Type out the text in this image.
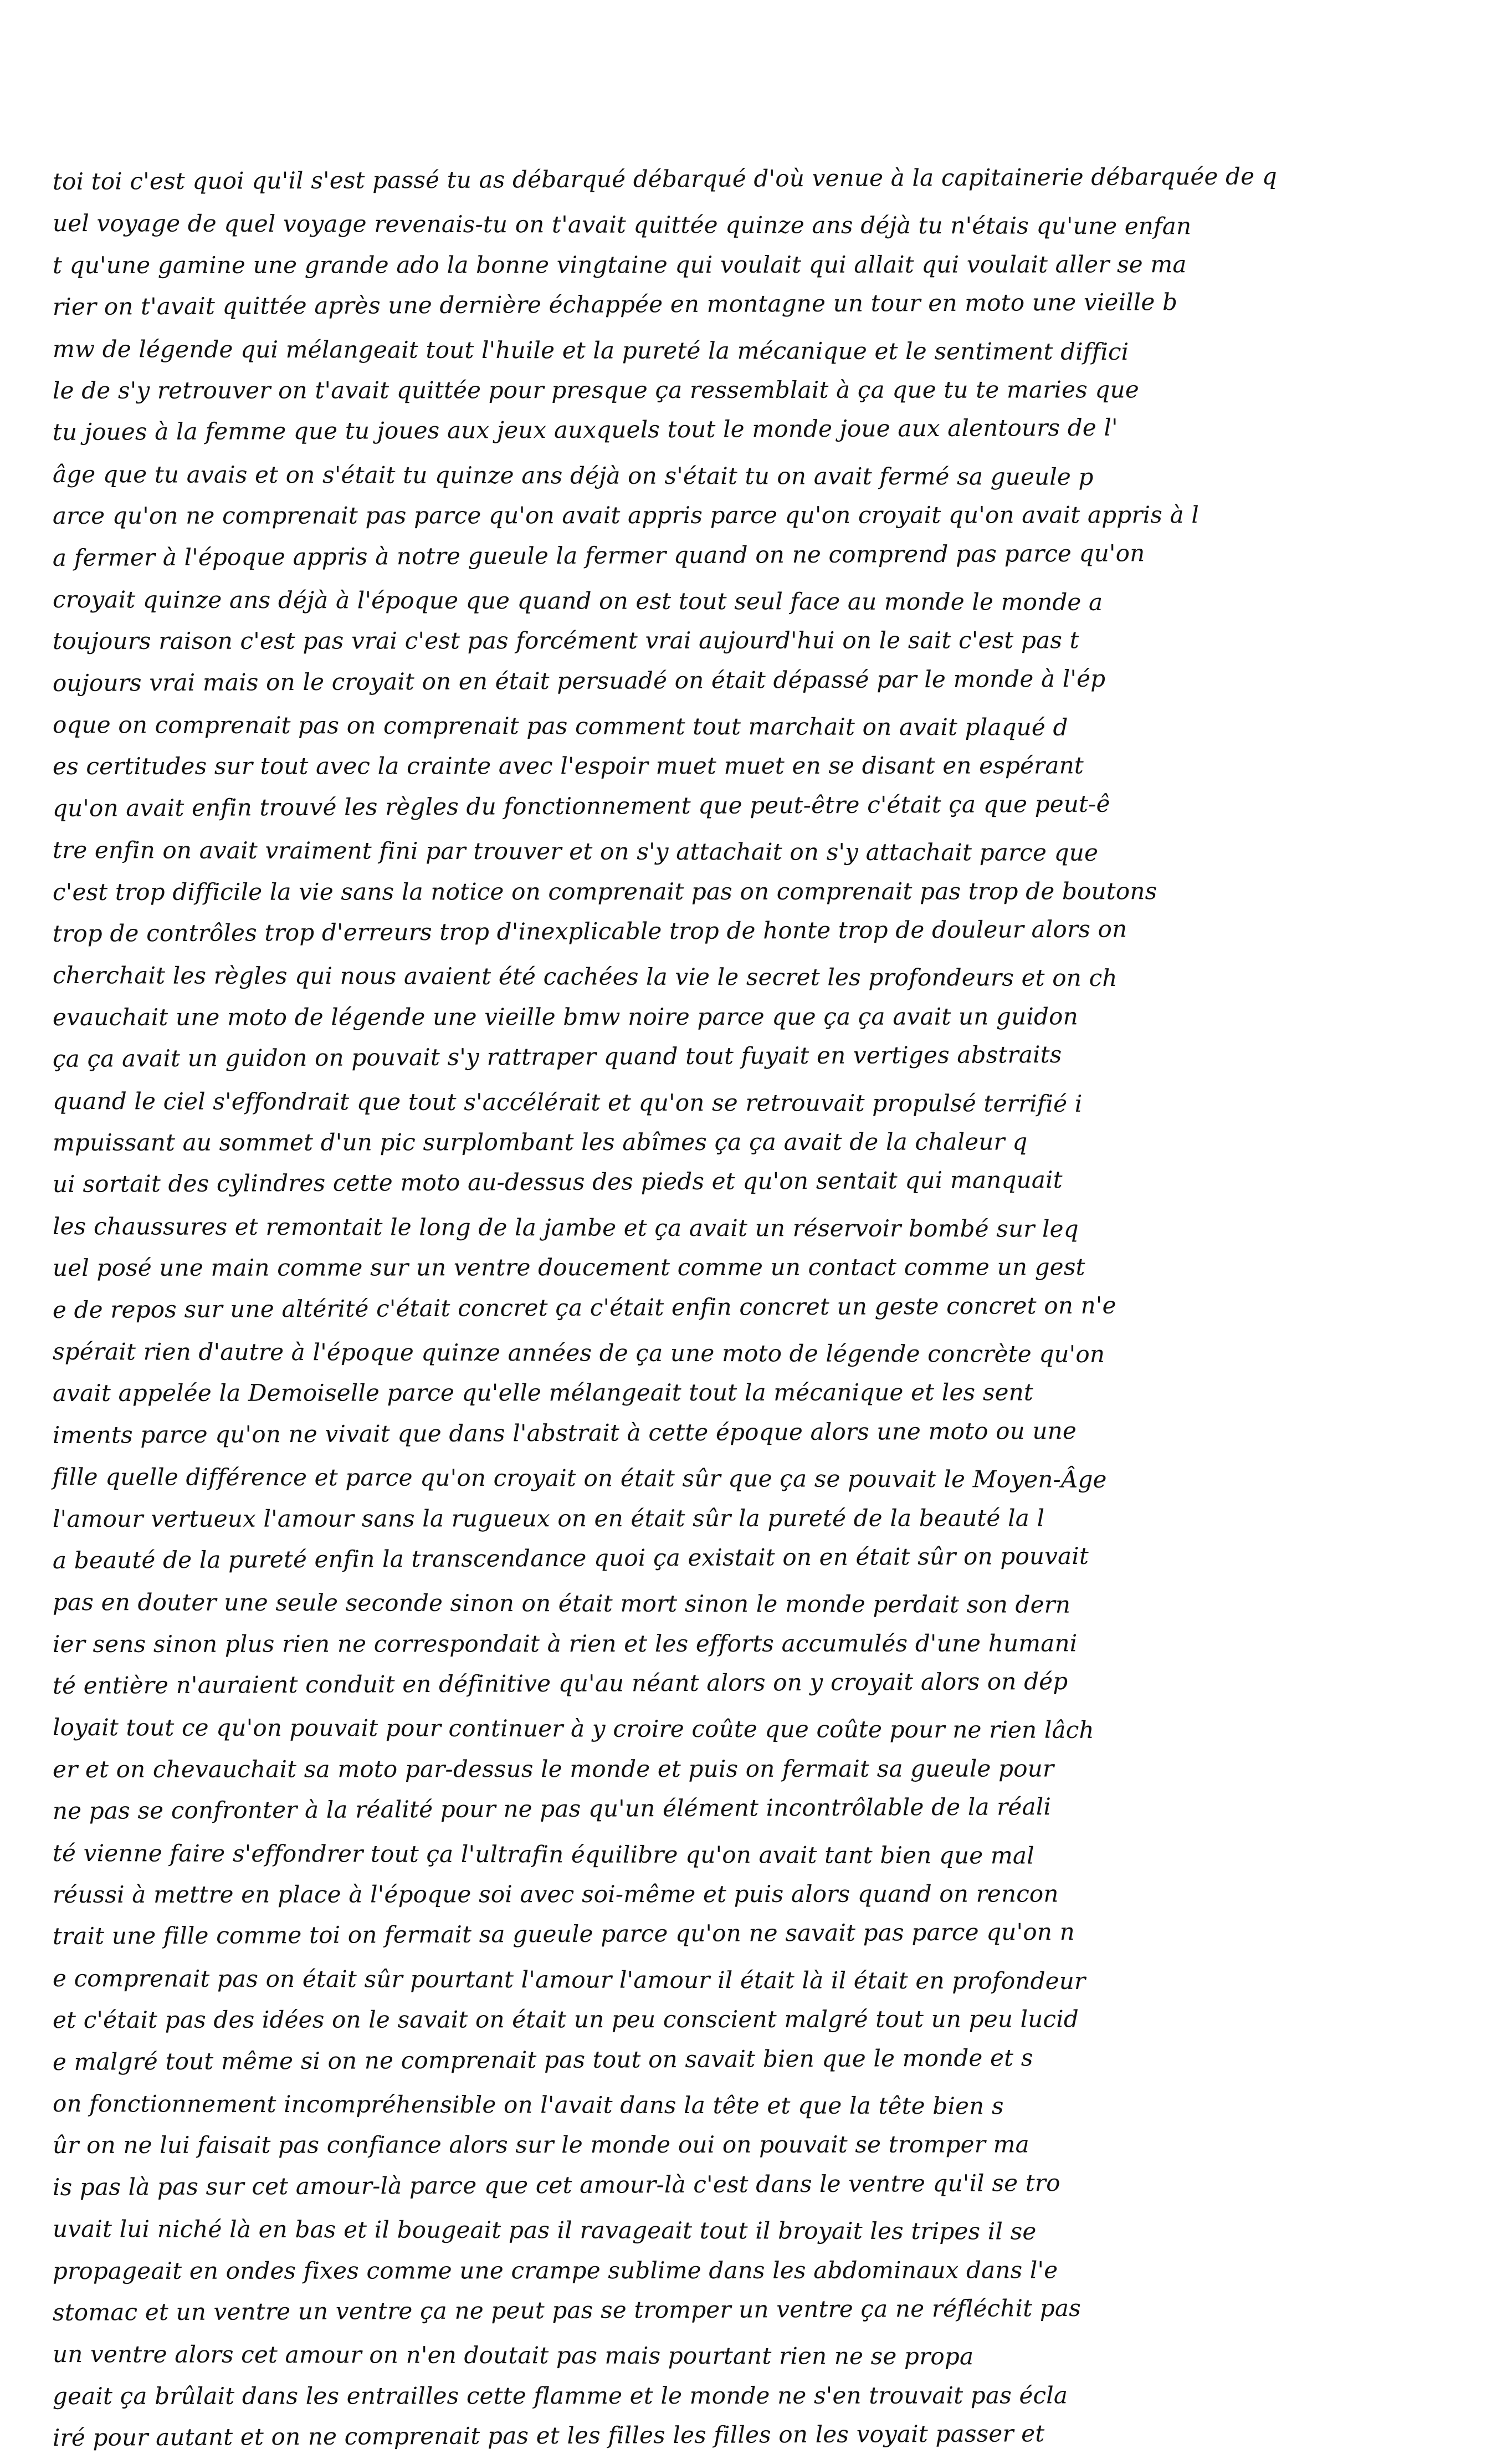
toi toi c'est quoi qu'il s'est passé tu as débarqué débarqué d'où venue à la capitainerie débarquée de q
uel voyage de quel voyage revenais-tu on t'avait quittée quinze ans déjà tu n'étais qu'une enfan
t qu'une gamine une grande ado la bonne vingtaine qui voulait qui allait qui voulait aller se ma
rier on t'avait quittée après une dernière échappée en montagne un tour en moto une vieille b
mw de légende qui mélangeait tout l'huile et la pureté la mécanique et le sentiment diffici
le de s'y retrouver on t'avait quittée pour presque ça ressemblait à ça que tu te maries que
tu joues à la femme que tu joues aux jeux auxquels tout le monde joue aux alentours de l'
âge que tu avais et on s'était tu quinze ans déjà on s'était tu on avait fermé sa gueule p
arce qu'on ne comprenait pas parce qu'on avait appris parce qu'on croyait qu'on avait appris à l
a fermer à l'époque appris à notre gueule la fermer quand on ne comprend pas parce qu'on
croyait quinze ans déjà à l'époque que quand on est tout seul face au monde le monde a
toujours raison c'est pas vrai c'est pas forcément vrai aujourd'hui on le sait c'est pas t
oujours vrai mais on le croyait on en était persuadé on était dépassé par le monde à l'ép
oque on comprenait pas on comprenait pas comment tout marchait on avait plaqué d
es certitudes sur tout avec la crainte avec l'espoir muet muet en se disant en espérant
qu'on avait enfin trouvé les règles du fonctionnement que peut-être c'était ça que peut-ê
tre enfin on avait vraiment fini par trouver et on s'y attachait on s'y attachait parce que
c'est trop difficile la vie sans la notice on comprenait pas on comprenait pas trop de boutons
trop de contrôles trop d'erreurs trop d'inexplicable trop de honte trop de douleur alors on
cherchait les règles qui nous avaient été cachées la vie le secret les profondeurs et on ch
evauchait une moto de légende une vieille bmw noire parce que ça ça avait un guidon
ça ça avait un guidon on pouvait s'y rattraper quand tout fuyait en vertiges abstraits
quand le ciel s'effondrait que tout s'accélérait et qu'on se retrouvait propulsé terrifié i
mpuissant au sommet d'un pic surplombant les abîmes ça ça avait de la chaleur q
ui sortait des cylindres cette moto au-dessus des pieds et qu'on sentait qui manquait
les chaussures et remontait le long de la jambe et ça avait un réservoir bombé sur leq
uel posé une main comme sur un ventre doucement comme un contact comme un gest
e de repos sur une altérité c'était concret ça c'était enfin concret un geste concret on n'e
spérait rien d'autre à l'époque quinze années de ça une moto de légende concrète qu'on
avait appelée la Demoiselle parce qu'elle mélangeait tout la mécanique et les sent
iments parce qu'on ne vivait que dans l'abstrait à cette époque alors une moto ou une
fille quelle différence et parce qu'on croyait on était sûr que ça se pouvait le Moyen-Âge
l'amour vertueux l'amour sans la rugueux on en était sûr la pureté de la beauté la l
a beauté de la pureté enfin la transcendance quoi ça existait on en était sûr on pouvait
pas en douter une seule seconde sinon on était mort sinon le monde perdait son dern
ier sens sinon plus rien ne correspondait à rien et les efforts accumulés d'une humani
té entière n'auraient conduit en définitive qu'au néant alors on y croyait alors on dép
loyait tout ce qu'on pouvait pour continuer à y croire coûte que coûte pour ne rien lâch
er et on chevauchait sa moto par-dessus le monde et puis on fermait sa gueule pour
ne pas se confronter à la réalité pour ne pas qu'un élément incontrôlable de la réali
té vienne faire s'effondrer tout ça l'ultrafin équilibre qu'on avait tant bien que mal
réussi à mettre en place à l'époque soi avec soi-même et puis alors quand on rencon
trait une fille comme toi on fermait sa gueule parce qu'on ne savait pas parce qu'on n
e comprenait pas on était sûr pourtant l'amour l'amour il était là il était en profondeur
et c'était pas des idées on le savait on était un peu conscient malgré tout un peu lucid
e malgré tout même si on ne comprenait pas tout on savait bien que le monde et s
on fonctionnement incompréhensible on l'avait dans la tête et que la tête bien s
ûr on ne lui faisait pas confiance alors sur le monde oui on pouvait se tromper ma
is pas là pas sur cet amour-là parce que cet amour-là c'est dans le ventre qu'il se tro
uvait lui niché là en bas et il bougeait pas il ravageait tout il broyait les tripes il se
propageait en ondes fixes comme une crampe sublime dans les abdominaux dans l'e
stomac et un ventre un ventre ça ne peut pas se tromper un ventre ça ne réfléchit pas
un ventre alors cet amour on n'en doutait pas mais pourtant rien ne se propa
geait ça brûlait dans les entrailles cette flamme et le monde ne s'en trouvait pas écla
iré pour autant et on ne comprenait pas et les filles les filles on les voyait passer et
